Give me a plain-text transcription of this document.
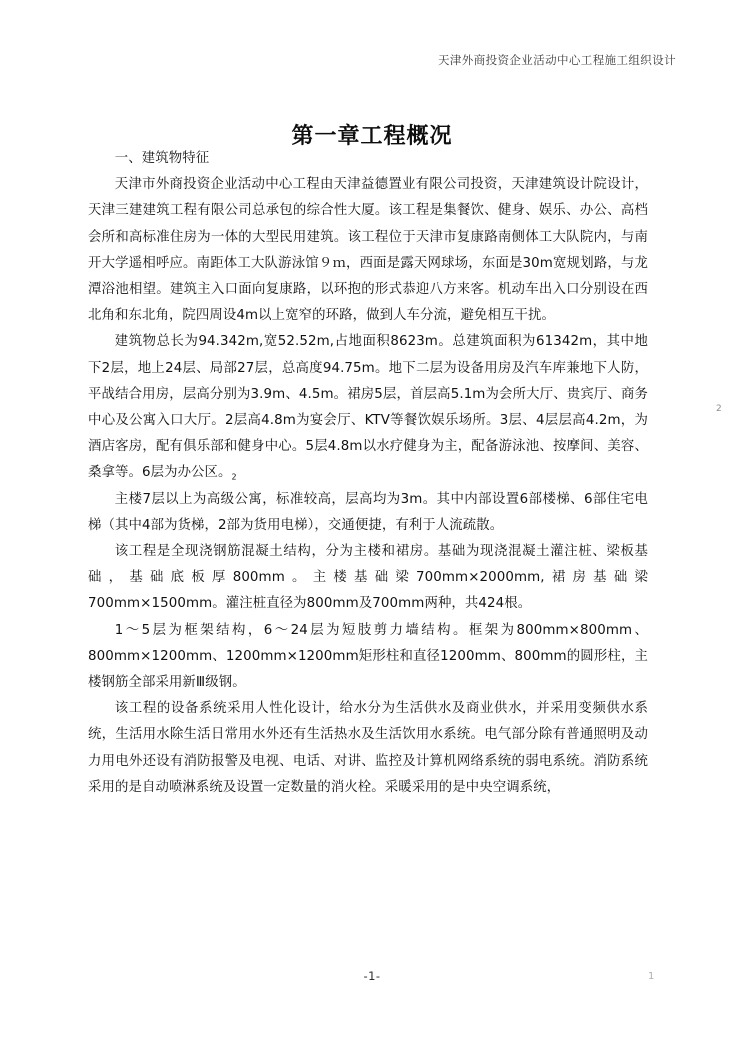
天津外商投资企业活动中心工程施工组织设计
第一章工程概况

一、建筑物特征

天津市外商投资企业活动中心工程由天津益德置业有限公司投资，天津建筑设计院设计，天津三建建筑工程有限公司总承包的综合性大厦。该工程是集餐饮、健身、娱乐、办公、高档会所和高标准住房为一体的大型民用建筑。该工程位于天津市复康路南侧体工大队院内，与南开大学遥相呼应。南距体工大队游泳馆９ｍ，西面是露天网球场，东面是30m宽规划路，与龙潭浴池相望。建筑主入口面向复康路，以环抱的形式恭迎八方来客。机动车出入口分别设在西北角和东北角，院四周设4m以上宽窄的环路，做到人车分流，避免相互干扰。

建筑物总长为94.342m,宽52.52m,占地面积8623m。总建筑面积为61342m，其中地下2层，地上24层、局部27层，总高度94.75m。地下二层为设备用房及汽车库兼地下人防，平战结合用房，层高分别为3.9m、4.5m。裙房5层，首层高5.1m为会所大厅、贵宾厅、商务中心及公寓入口大厅。2层高4.8m为宴会厅、KTV等餐饮娱乐场所。3层、4层层高4.2m，为酒店客房，配有俱乐部和健身中心。5层4.8m以水疗健身为主，配备游泳池、按摩间、美容、桑拿等。6层为办公区。$_2$

主楼7层以上为高级公寓，标准较高，层高均为3m。其中内部设置6部楼梯、6部住宅电梯（其中4部为货梯，2部为货用电梯），交通便捷，有利于人流疏散。

该工程是全现浇钢筋混凝土结构，分为主楼和裙房。基础为现浇混凝土灌注桩、梁板基础，基础底板厚800mm。主楼基础梁700mm×2000mm,裙房基础梁700mm×1500mm。灌注桩直径为800mm及700mm两种，共424根。

1～5层为框架结构，6～24层为短肢剪力墙结构。框架为800mm×800mm、800mm×1200mm、1200mm×1200mm矩形柱和直径1200mm、800mm的圆形柱，主楼钢筋全部采用新Ⅲ级钢。

该工程的设备系统采用人性化设计，给水分为生活供水及商业供水，并采用变频供水系统，生活用水除生活日常用水外还有生活热水及生活饮用水系统。电气部分除有普通照明及动力用电外还设有消防报警及电视、电话、对讲、监控及计算机网络系统的弱电系统。消防系统采用的是自动喷淋系统及设置一定数量的消火栓。采暖采用的是中央空调系统，

2
1
-1-
